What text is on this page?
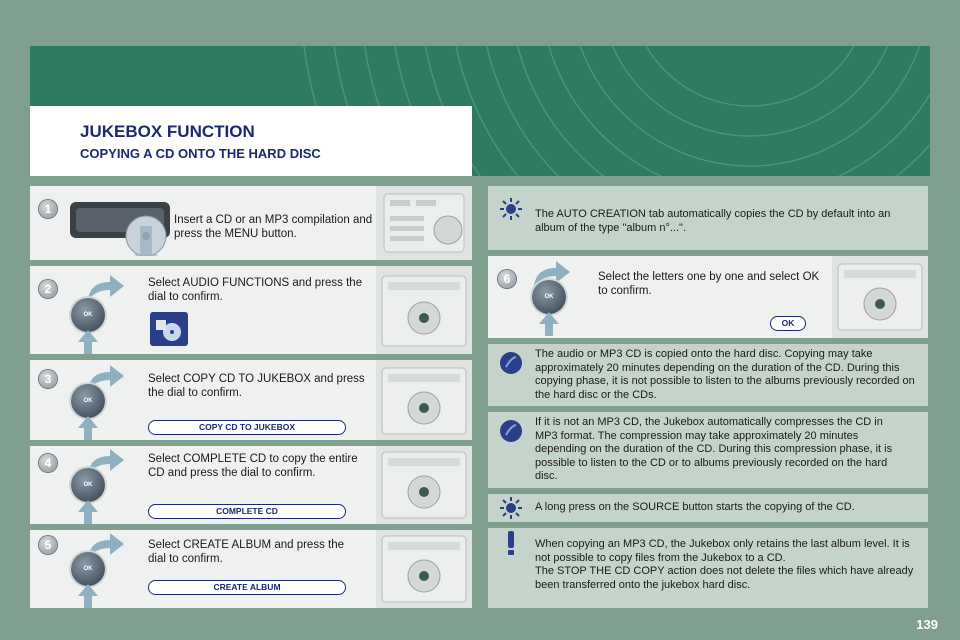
JUKEBOX FUNCTION
COPYING A CD ONTO THE HARD DISC
1
Insert a CD or an MP3 compilation and press the MENU button.
2
OK
Select AUDIO FUNCTIONS and press the dial to confirm.
3
OK
Select COPY CD TO JUKEBOX and press the dial to confirm.
COPY CD TO JUKEBOX
4
OK
Select COMPLETE CD to copy the entire CD and press the dial to confirm.
COMPLETE CD
5
OK
Select CREATE ALBUM and press the dial to confirm.
CREATE ALBUM
The AUTO CREATION tab automatically copies the CD by default into an album of the type "album n°...".
6
OK
Select the letters one by one and select OK to confirm.
OK
The audio or MP3 CD is copied onto the hard disc. Copying may take approximately 20 minutes depending on the duration of the CD. During this copying phase, it is not possible to listen to the albums previously recorded on the hard disc or the CDs.
If it is not an MP3 CD, the Jukebox automatically compresses the CD in MP3 format. The compression may take approximately 20 minutes depending on the duration of the CD. During this compression phase, it is possible to listen to the CD or to albums previously recorded on the hard disc.
A long press on the SOURCE button starts the copying of the CD.
When copying an MP3 CD, the Jukebox only retains the last album level. It is not possible to copy files from the Jukebox to a CD.
The STOP THE CD COPY action does not delete the files which have already been transferred onto the jukebox hard disc.
139
